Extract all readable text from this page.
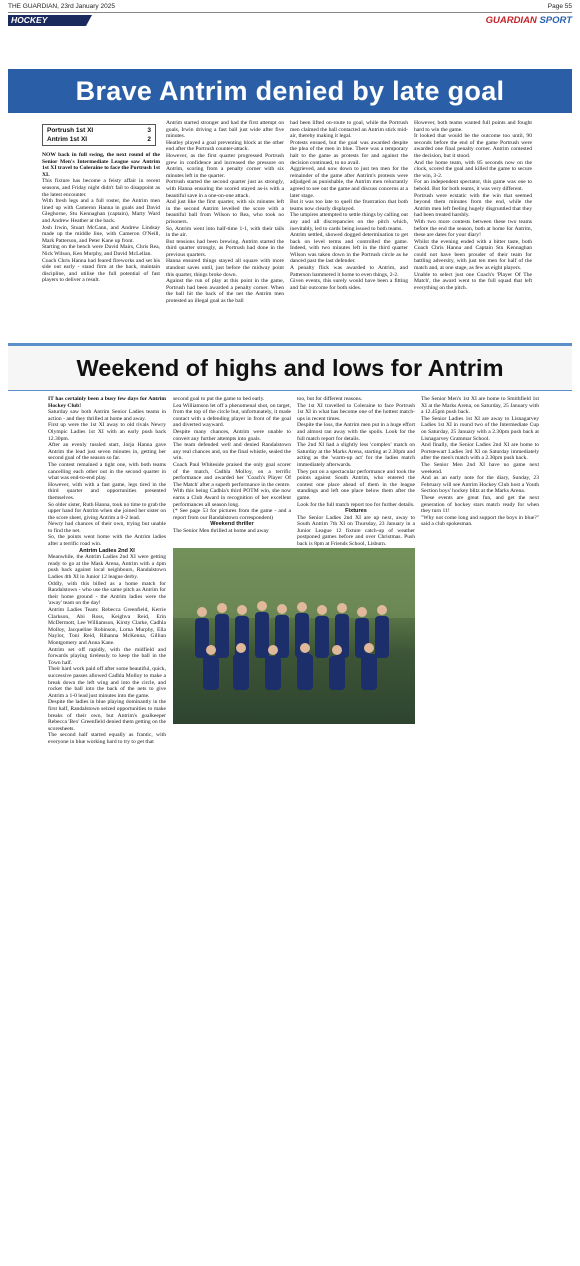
THE GUARDIAN, 23rd January 2025	Page 55
HOCKEY	GUARDIAN SPORT
Brave Antrim denied by late goal
Portrush 1st XI	3
Antrim 1st XI	2

NOW back in full swing, the next round of the Senior Men's Intermediate League saw Antrim 1st XI travel to Coleraine to face the Portrush 1st XI.

This fixture has become a feisty affair in recent seasons, and Friday night didn't fail to disappoint as the latest encounter.

With fresh legs and a full roster, the Antrim men lined up with Cameron Hanna in goals and David Gleghorne, Stu Kennaghan (captain), Marty Ward and Andrew Heather at the back.

Josh Irwin, Stuart McCann, and Andrew Lindsay made up the middle line, with Cameron O'Neill, Mark Patterson, and Peter Kane up front.

Starting on the bench were David Mairs, Chris Rea, Nick Wilson, Ken Murphy, and David McLellan.

Coach Chris Hanna had feared fireworks and set his side out early - stand firm at the back, maintain discipline, and utilise the full potential of fast players to deliver a result.

Antrim started stronger and had the first attempt on goals, Irwin driving a fast ball just wide after five minutes.

Heatley played a goal preventing block at the other end after the Portrush counter-attack.

However, as the first quarter progressed Portrush grew in confidence and increased the pressure on Antrim, scoring from a penalty corner with six minutes left in the quarter.

Portrush started the second quarter just as strongly, with Hanna ensuring the scored stayed as-is with a beautiful save in a one-on-one attack.

And just like the first quarter, with six minutes left in the second Antrim levelled the score with a beautiful ball from Wilson to Rea, who took no prisoners.

So, Antrim went into half-time 1-1, with their tails in the air.

But tensions had been brewing. Antrim started the third quarter strongly, as Portrush had done in the previous quarters.

Hanna ensured things stayed all square with more standout saves until, just before the midway point this quarter, things broke down.

Against the run of play at this point in the game, Portrush had been awarded a penalty corner. When the ball hit the back of the net the Antrim men protested an illegal goal as the ball

had been lifted on-route to goal, while the Portrush men claimed the ball contacted an Antrim stick mid-air, thereby making it legal.

Protests ensued, but the goal was awarded despite the plea of the men in blue. There was a temporary halt to the game as protests for and against the decision continued, to no avail.

Aggrieved, and now down to just ten men for the remainder of the game after Antrim's protests were adjudged as punishable, the Antrim men reluctantly agreed to see out the game and discuss concerns at a later stage.

But it was too late to quell the frustration that both teams now clearly displayed.

The umpires attempted to settle things by calling out any and all discrepancies on the pitch which, inevitably, led to cards being issued to both teams.

Antrim settled, showed dogged determination to get back on level terms and controlled the game. Indeed, with two minutes left in the third quarter Wilson was taken down in the Portrush circle as he danced past the last defender.

A penalty flick was awarded to Antrim, and Patterson hammered it home to even things, 2-2.

Given events, this surely would have been a fitting and fair outcome for both sides.

However, both teams wanted full points and fought hard to win the game.

It looked that would be the outcome too until, 90 seconds before the end of the game Portrush were awarded one final penalty corner. Antrim contested the decision, but it stood.

And the home team, with 85 seconds now on the clock, scored the goal and killed the game to secure the win, 3-2.

For an independent spectator, this game was one to behold. But for both teams, it was very different.

Portrush were ecstatic with the win that seemed beyond them minutes from the end, while the Antrim men left feeling hugely disgruntled that they had been treated harshly.

With two more contests between these two teams before the end the season, both at home for Antrim, these are dates for your diary!

Whilst the evening ended with a bitter taste, both Coach Chris Hanna and Captain Stu Kennaghan could not have been prouder of their team for battling adversity, with just ten men for half of the match and, at one stage, as few as eight players.

Unable to select just one Coach's 'Player Of The Match', the award went to the full squad that left everything on the pitch.

Weekend of highs and lows for Antrim

IT has certainly been a busy few days for Antrim Hockey Club!

Saturday saw both Antrim Senior Ladies teams in action - and they thrilled at home and away.

First up were the 1st XI away to old rivals Newry Olympic Ladies 1st XI with an early push back 12.30pm.

After an evenly tussled start, Jorja Hanna gave Antrim the lead just seven minutes in, getting her second goal of the season so far.

The contest remained a tight one, with both teams cancelling each other out in the second quarter in what was end-to-end play.

However, with with a fast game, legs tired in the third quarter and opportunities presented themselves.

So older sister, Ruth Hanna, took no time to grab the upper hand for Antrim when she joined her sister on the score sheet, giving Antrim a 0-2 lead.

Newry had chances of their own, trying but unable to find the net.

So, the points went home with the Antrim ladies after a terrific road win.

Antrim Ladies 2nd XI

Meanwhile, the Antrim Ladies 2nd XI were getting ready to go at the Mask Arena, Antrim with a 4pm push back against local neighbours, Randalstown Ladies 4th XI in Junior 12 league derby.

Oddly, with this billed as a home match for Randalstown - who use the same pitch as Antrim for their home ground - the Antrim ladies were the 'away' team on the day!

Antrim Ladies Team: Rebecca Greenfield, Kerrie Clarkson, Abi Ross, Keighva Reid, Erin McDermott, Lee Williamson, Kirsty Clarke, Cadhla Molloy, Jacqueline Robinson, Lorna Murphy, Ella Naylor, Toni Reid, Rihanna McKenna, Gillian Montgomery and Anna Kane.

Antrim set off rapidly, with the midfield and forwards playing tirelessly to keep the ball in the Town half.

Their hard work paid off after some beautiful, quick, successive passes allowed Cadhla Molloy to make a break down the left wing and into the circle, and rocket the ball into the back of the nets to give Antrim a 1-0 lead just minutes into the game.

Despite the ladies in blue playing dominantly in the first half, Randalstown seized opportunities to make breaks of their own, but Antrim's goalkeeper Rebecca 'Bex' Greenfield denied them getting on the scoresheets.

The second half started equally as frantic, with everyone in blue working hard to try to get that

second goal to put the game to bed early.

Lea Williamson let off a phenomenal shot, on target, from the top of the circle but, unfortunately, it made contact with a defending player in front of the goal and diverted wayward.

Despite many chances, Antrim were unable to convert any further attempts into goals.

The team defended well and denied Randalstown any real chances and, on the final whistle, sealed the win.

Coach Paul Whiteside praised the only goal scorer of the match, Cadhla Molloy, on a terrific performance and awarded her 'Coach's Player Of The Match' after a superb performance in the centre.

With this being Cadhla's third POTM win, she now earns a Club Award in recognition of her excellent performances all season long.

(* See page 53 for pictures from the game - and a report from our Randalstown correspondent)

Weekend thriller

The Senior Men thrilled at home and away

too, but for different reasons.

The 1st XI travelled to Coleraine to face Portrush 1st XI in what has become one of the hottest match-ups in recent times.

Despite the loss, the Antrim men put in a huge effort and almost ran away with the spoils. Look for the full match report for details.

The 2nd XI had a slightly less 'complex' match on Saturday at the Marks Arena, starting at 2.30pm and acting as the 'warm-up act' for the ladies match immediately afterwards.

They put on a spectacular performance and took the points against South Antrim, who entered the contest one place ahead of them in the league standings and left one place below them after the game.

Look for the full match report too for further details.

Fixtures

The Senior Ladies 2nd XI are up next, away to South Antrim 7th XI on Thursday, 23 January in a Junior League 12 fixture catch-up of weather postponed games before and over Christmas. Push back is 8pm at Friends School, Lisburn.

The Senior Men's 1st XI are home to Smithfield 1st XI at the Marks Arena, on Saturday, 25 January with a 12.45pm push back.

The Senior Ladies 1st XI are away to Lisnagarvey Ladies 1st XI in round two of the Intermediate Cup on Saturday, 25 January with a 2.30pm push back at Lisnagarvey Grammar School.

And finally, the Senior Ladies 2nd XI are home to Portstewart Ladies 3rd XI on Saturday immediately after the men's match with a 2.30pm push back.

The Senior Men 2nd XI have no game next weekend.

And as an early note for the diary, Sunday, 23 February will see Antrim Hockey Club host a Youth Section boys' hockey blitz at the Marks Arena.

These events are great fun, and get the next generation of hockey stars match ready for when they turn 11!

"Why not come long and support the boys in blue?" said a club spokesman.

Antrim 2nd XI celebrate win over Randalstown.
